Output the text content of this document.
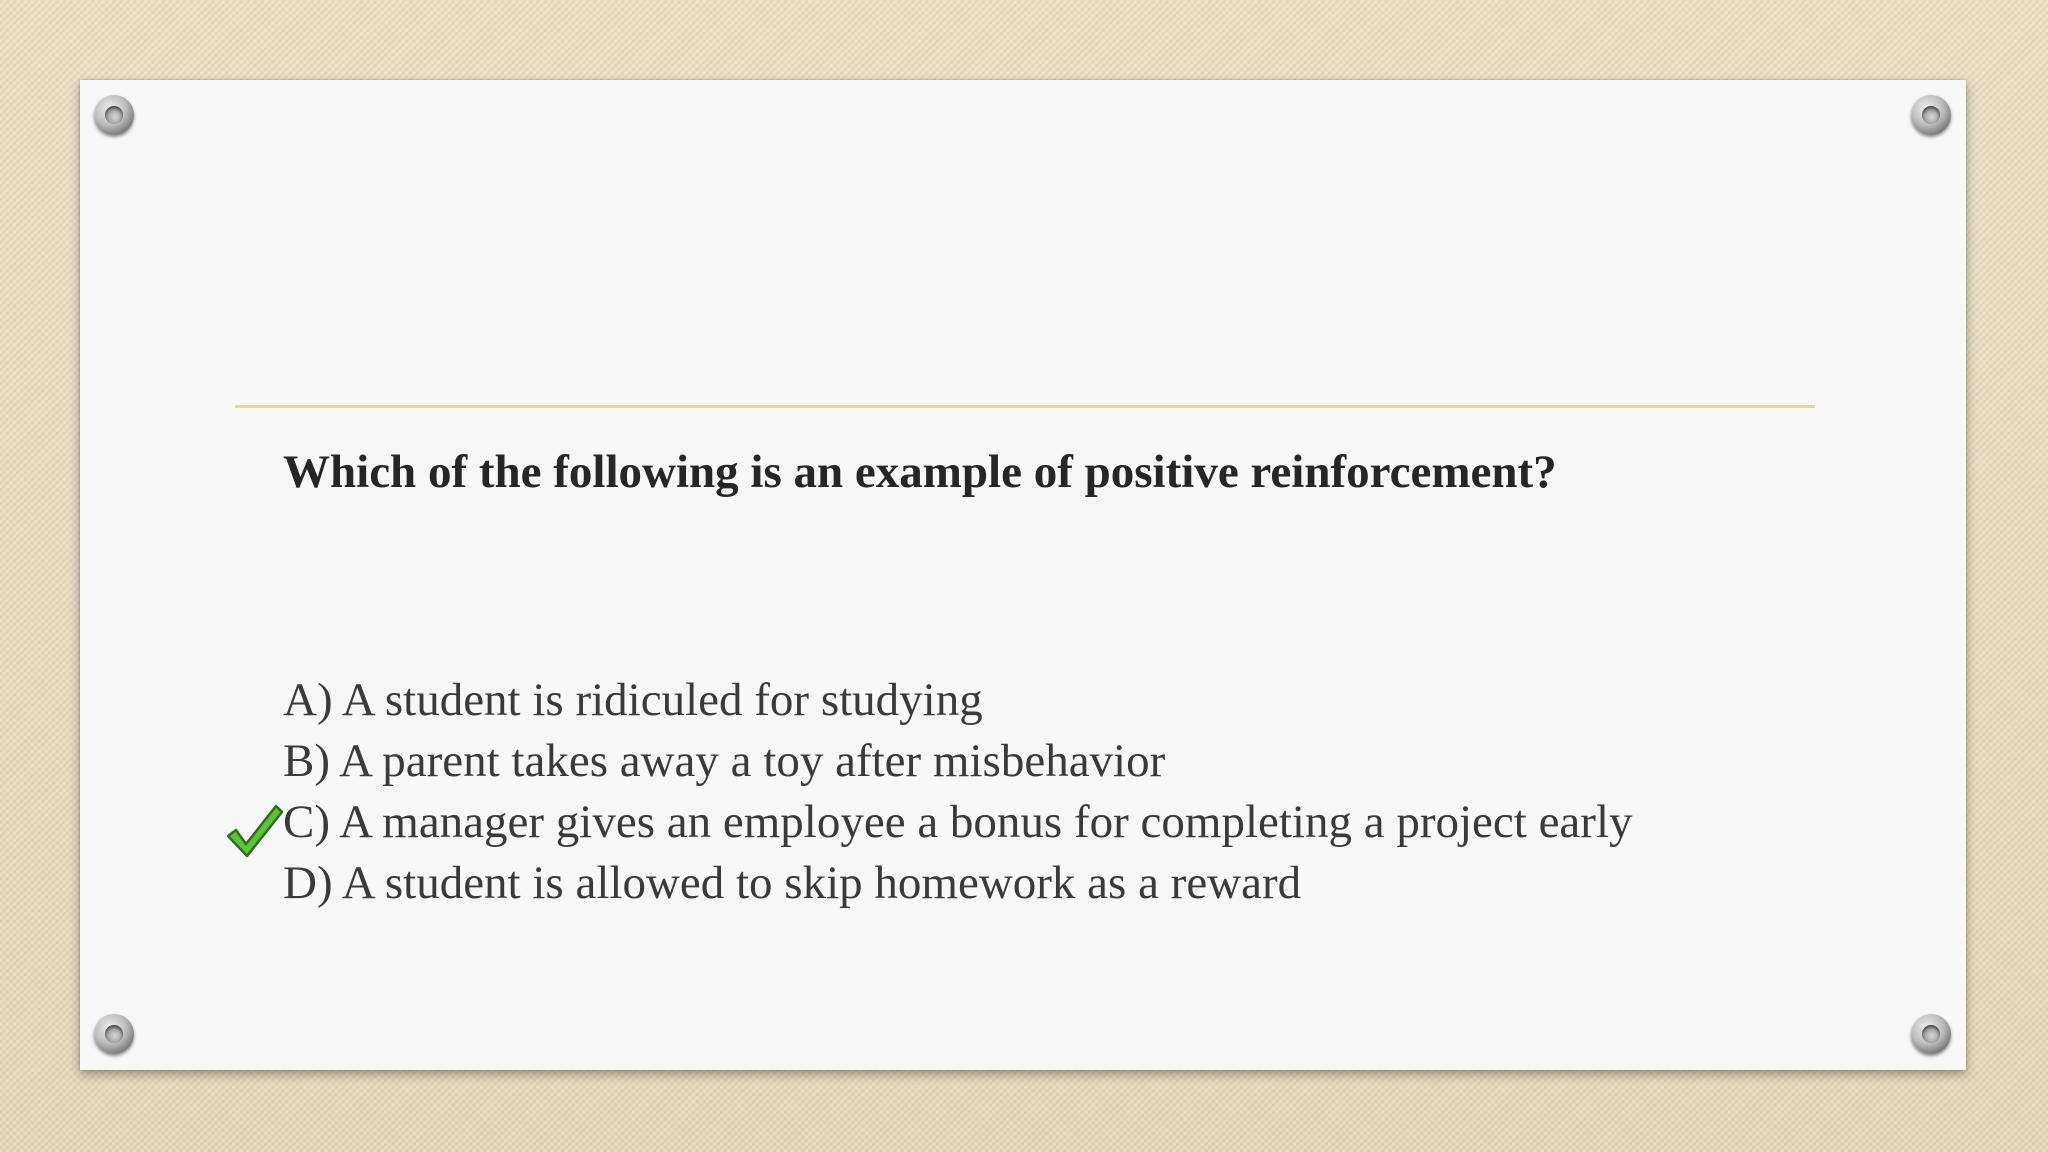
Which of the following is an example of positive reinforcement?
A) A student is ridiculed for studying
B) A parent takes away a toy after misbehavior
C) A manager gives an employee a bonus for completing a project early
D) A student is allowed to skip homework as a reward
